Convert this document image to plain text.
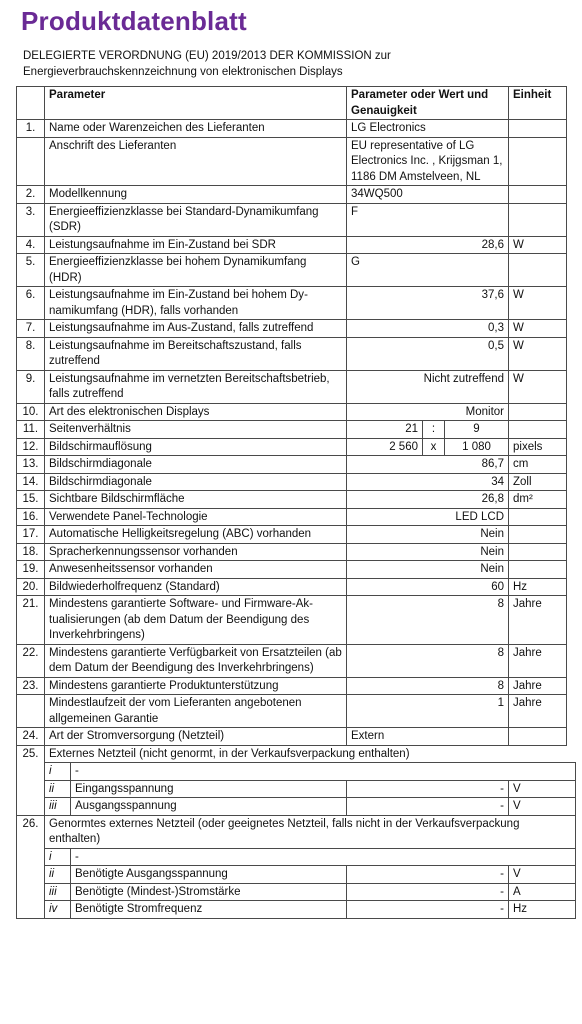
Produktdatenblatt
DELEGIERTE VERORDNUNG (EU) 2019/2013 DER KOMMISSION zur Energieverbrauchskennzeichnung von elektronischen Displays
	Parameter		Parameter oder Wert und Genauigkeit			Einheit	
1.	Name oder Warenzeichen des Lieferanten		LG Electronics				
	Anschrift des Lieferanten		EU representative of LG Electronics Inc. , Krijgsman 1, 1186 DM Amstelveen, NL				
2.	Modellkennung		34WQ500				
3.	Energieeffizienzklasse bei Standard-Dynamikumfang (SDR)		F				
4.	Leistungsaufnahme im Ein-Zustand bei SDR		28,6			W	
5.	Energieeffizienzklasse bei hohem Dynamikumfang (HDR)		G				
6.	Leistungsaufnahme im Ein-Zustand bei hohem Dynamikumfang (HDR), falls vorhanden		37,6			W	
7.	Leistungsaufnahme im Aus-Zustand, falls zutreffend		0,3			W	
8.	Leistungsaufnahme im Bereitschaftszustand, falls zutreffend		0,5			W	
9.	Leistungsaufnahme im vernetzten Bereitschaftsbetrieb, falls zutreffend		Nicht zutreffend			W	
10.	Art des elektronischen Displays		Monitor				
11.	Seitenverhältnis		21	:	9		
12.	Bildschirmauflösung		2 560	x	1 080	pixels	
13.	Bildschirmdiagonale		86,7			cm	
14.	Bildschirmdiagonale		34			Zoll	
15.	Sichtbare Bildschirmfläche		26,8			dm²	
16.	Verwendete Panel-Technologie		LED LCD				
17.	Automatische Helligkeitsregelung (ABC) vorhanden		Nein				
18.	Spracherkennungssensor vorhanden		Nein				
19.	Anwesenheitssensor vorhanden		Nein				
20.	Bildwiederholfrequenz (Standard)		60			Hz	
21.	Mindestens garantierte Software- und Firmware-Aktualisierungen (ab dem Datum der Beendigung des Inverkehrbringens)		8			Jahre	
22.	Mindestens garantierte Verfügbarkeit von Ersatzteilen (ab dem Datum der Beendigung des Inverkehrbringens)		8			Jahre	
23.	Mindestens garantierte Produktunterstützung		8			Jahre	
	Mindestlaufzeit der vom Lieferanten angebotenen allgemeinen Garantie		1			Jahre	
24.	Art der Stromversorgung (Netzteil)		Extern				
25.	Externes Netzteil (nicht genormt, in der Verkaufsverpackung enthalten)						
	i	-					
	ii	Eingangsspannung	-			V	
	iii	Ausgangsspannung	-			V	
26.	Genormtes externes Netzteil (oder geeignetes Netzteil, falls nicht in der Verkaufsverpackung enthalten)						
	i	-					
	ii	Benötigte Ausgangsspannung	-			V	
	iii	Benötigte (Mindest-)Stromstärke	-			A	
	iv	Benötigte Stromfrequenz	-			Hz	
